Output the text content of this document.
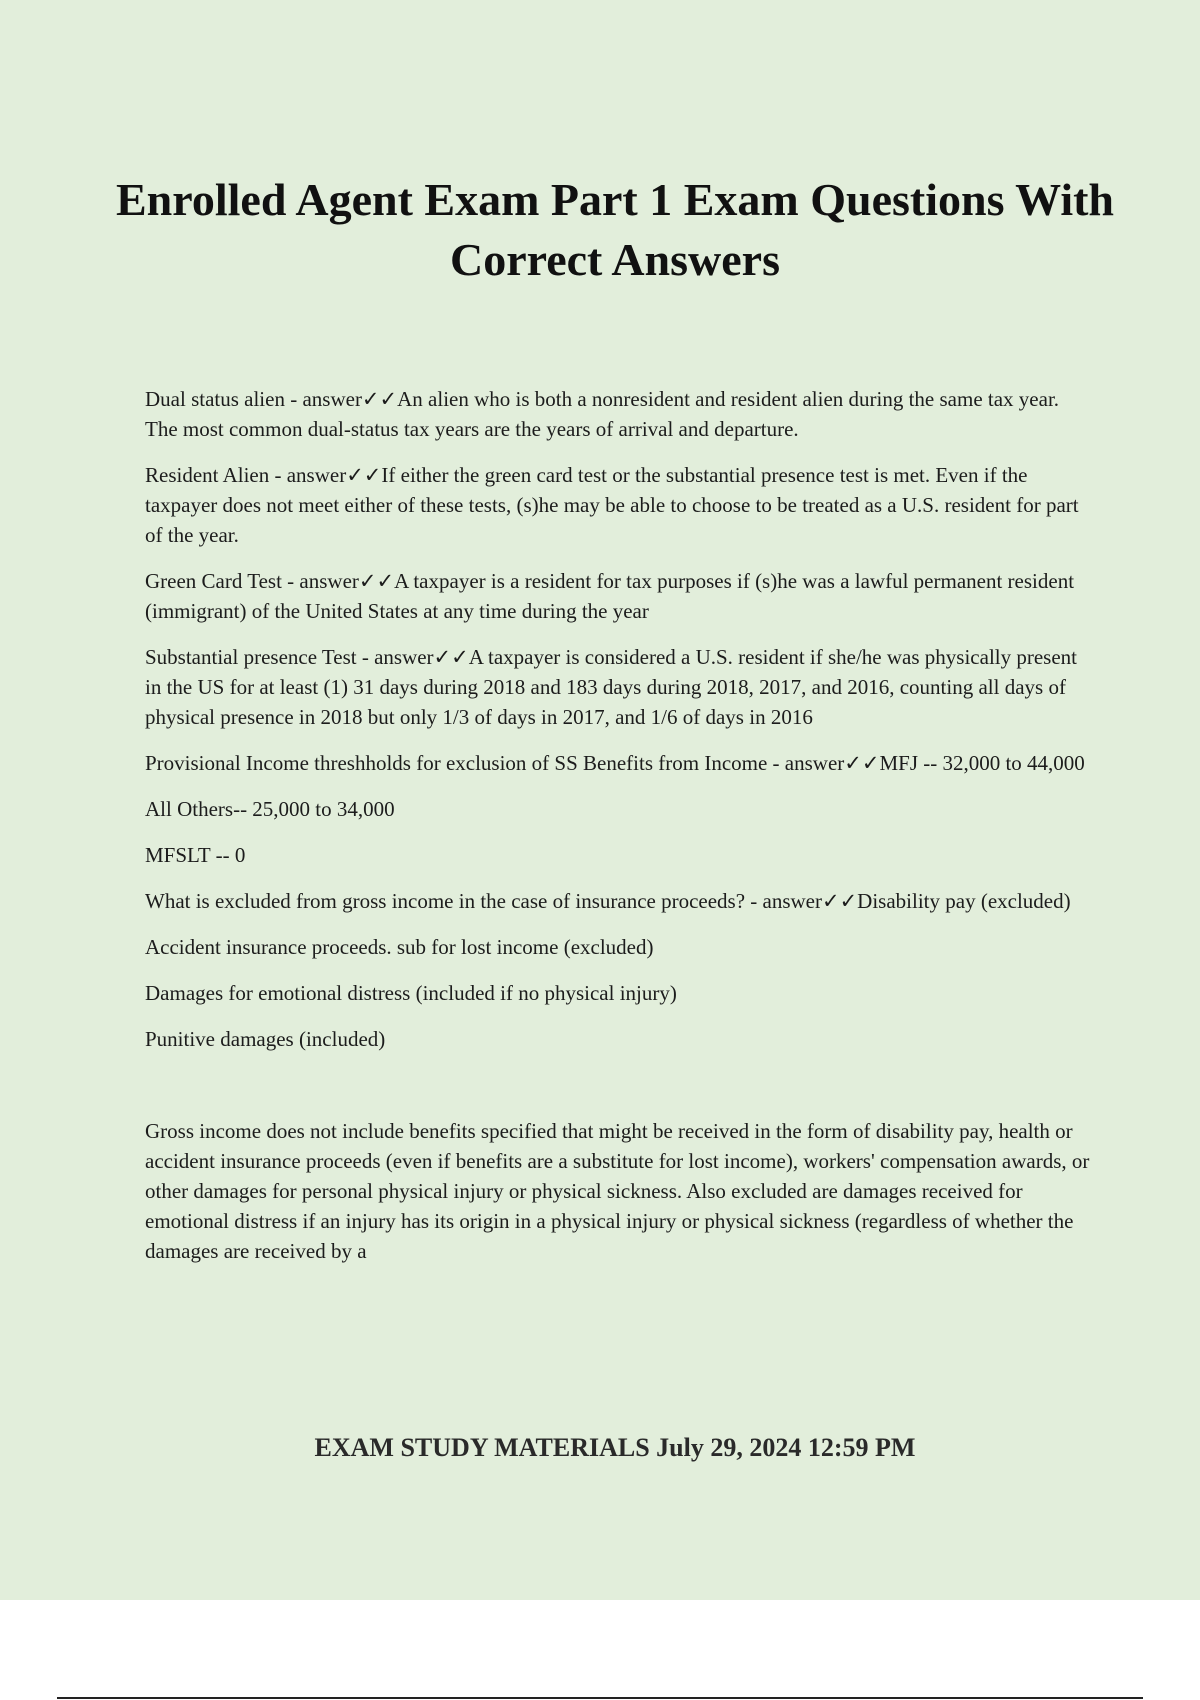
Enrolled Agent Exam Part 1 Exam Questions With Correct Answers

Dual status alien - answer✓✓An alien who is both a nonresident and resident alien during the same tax year. The most common dual-status tax years are the years of arrival and departure.

Resident Alien - answer✓✓If either the green card test or the substantial presence test is met. Even if the taxpayer does not meet either of these tests, (s)he may be able to choose to be treated as a U.S. resident for part of the year.

Green Card Test - answer✓✓A taxpayer is a resident for tax purposes if (s)he was a lawful permanent resident (immigrant) of the United States at any time during the year

Substantial presence Test - answer✓✓A taxpayer is considered a U.S. resident if she/he was physically present in the US for at least (1) 31 days during 2018 and 183 days during 2018, 2017, and 2016, counting all days of physical presence in 2018 but only 1/3 of days in 2017, and 1/6 of days in 2016

Provisional Income threshholds for exclusion of SS Benefits from Income - answer✓✓MFJ -- 32,000 to 44,000

All Others-- 25,000 to 34,000

MFSLT -- 0

What is excluded from gross income in the case of insurance proceeds? - answer✓✓Disability pay (excluded)

Accident insurance proceeds. sub for lost income (excluded)

Damages for emotional distress (included if no physical injury)

Punitive damages (included)

Gross income does not include benefits specified that might be received in the form of disability pay, health or accident insurance proceeds (even if benefits are a substitute for lost income), workers' compensation awards, or other damages for personal physical injury or physical sickness. Also excluded are damages received for emotional distress if an injury has its origin in a physical injury or physical sickness (regardless of whether the damages are received by a

EXAM STUDY MATERIALS July 29, 2024 12:59 PM
